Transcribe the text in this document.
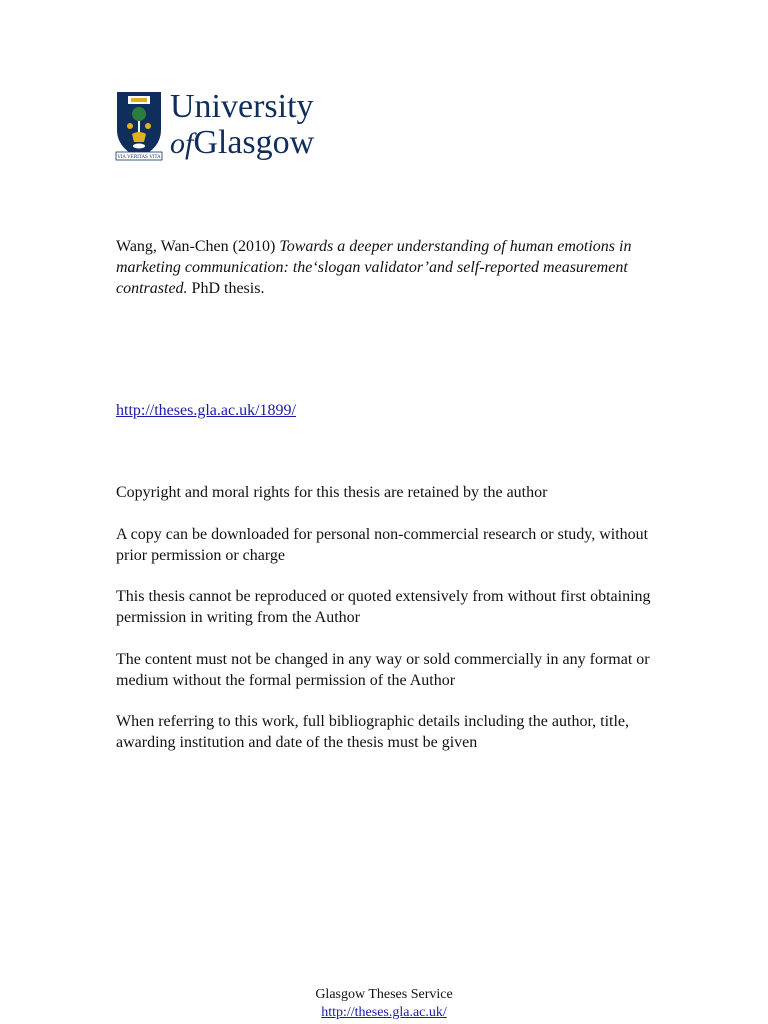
VIA VERITAS VITA
University
ofGlasgow
Wang, Wan-Chen (2010) Towards a deeper understanding of human emotions in marketing communication: the‘slogan validator’and self-reported measurement contrasted. PhD thesis.
http://theses.gla.ac.uk/1899/

Copyright and moral rights for this thesis are retained by the author

A copy can be downloaded for personal non-commercial research or study, without prior permission or charge

This thesis cannot be reproduced or quoted extensively from without first obtaining permission in writing from the Author

The content must not be changed in any way or sold commercially in any format or medium without the formal permission of the Author

When referring to this work, full bibliographic details including the author, title, awarding institution and date of the thesis must be given

Glasgow Theses Service
http://theses.gla.ac.uk/
